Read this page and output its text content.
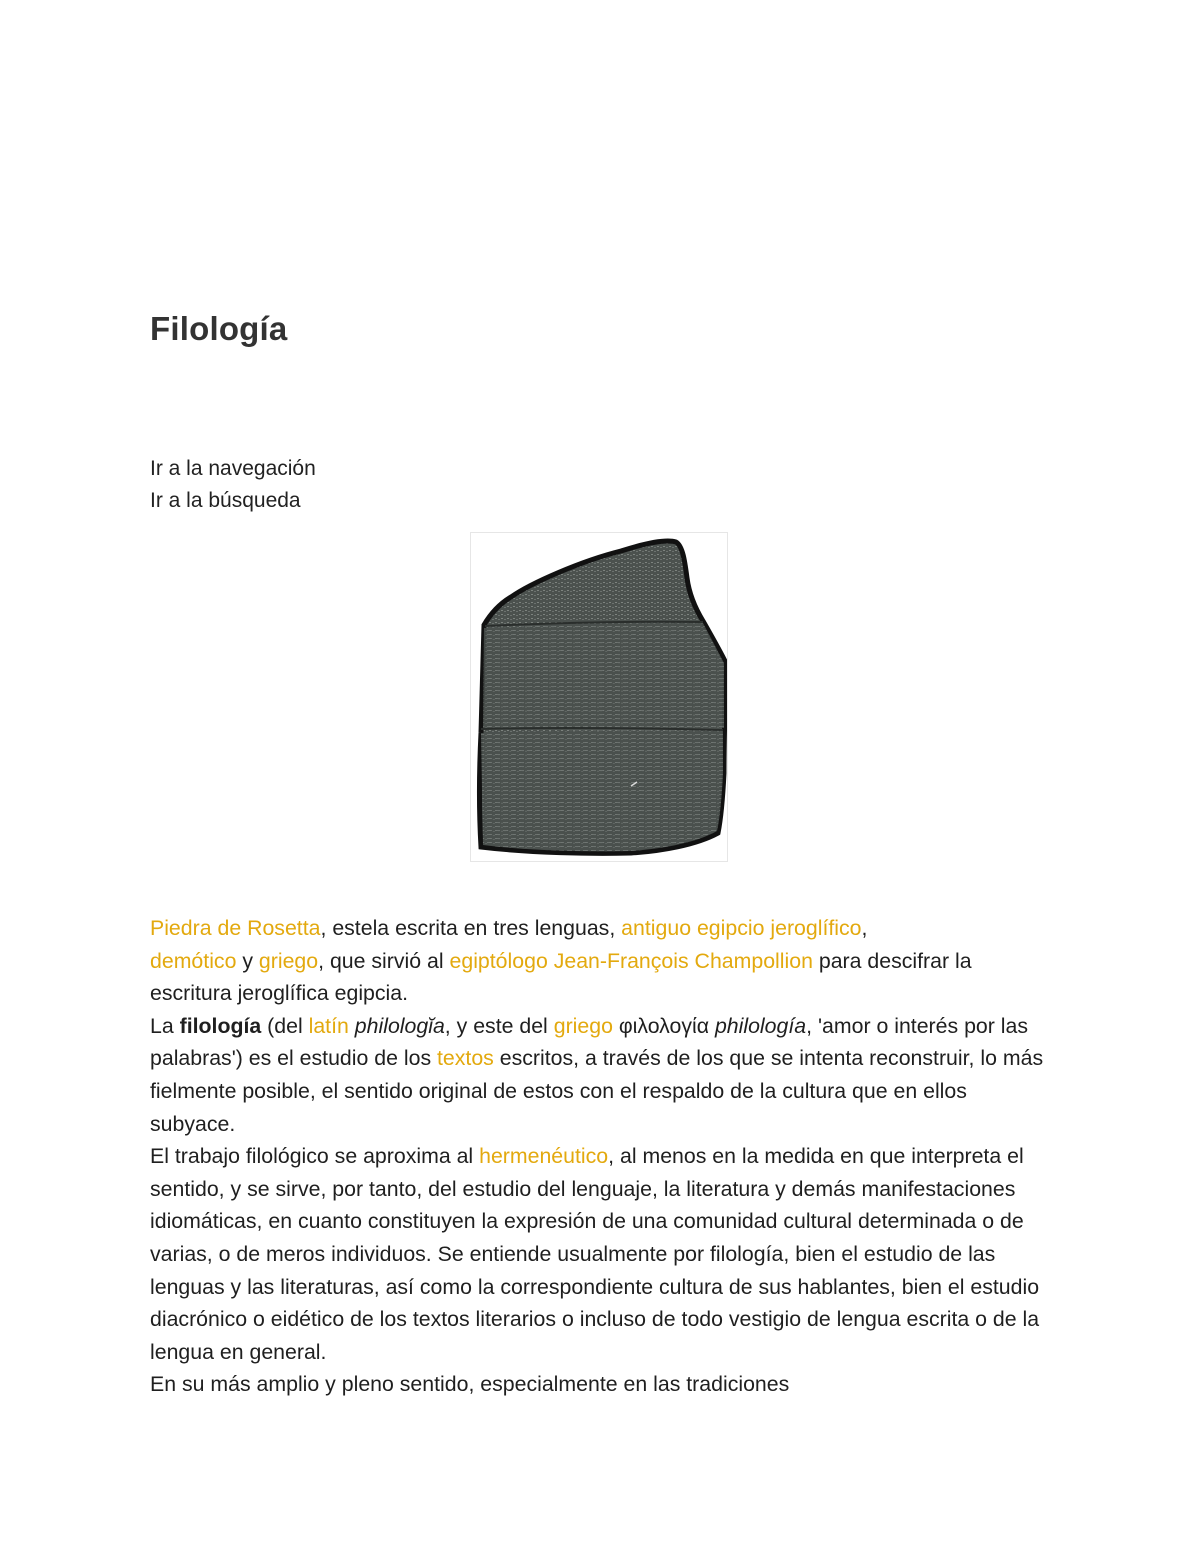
Filología
Ir a la navegación
Ir a la búsqueda

Piedra de Rosetta, estela escrita en tres lenguas, antiguo egipcio jeroglífico,
demótico y griego, que sirvió al egiptólogo Jean-François Champollion para descifrar la escritura jeroglífica egipcia.

La filología (del latín philologĭa, y este del griego φιλολογία philología, 'amor o interés por las palabras') es el estudio de los textos escritos, a través de los que se intenta reconstruir, lo más fielmente posible, el sentido original de estos con el respaldo de la cultura que en ellos subyace.

El trabajo filológico se aproxima al hermenéutico, al menos en la medida en que interpreta el sentido, y se sirve, por tanto, del estudio del lenguaje, la literatura y demás manifestaciones idiomáticas, en cuanto constituyen la expresión de una comunidad cultural determinada o de varias, o de meros individuos. Se entiende usualmente por filología, bien el estudio de las lenguas y las literaturas, así como la correspondiente cultura de sus hablantes, bien el estudio diacrónico o eidético de los textos literarios o incluso de todo vestigio de lengua escrita o de la lengua en general.

En su más amplio y pleno sentido, especialmente en las tradiciones
